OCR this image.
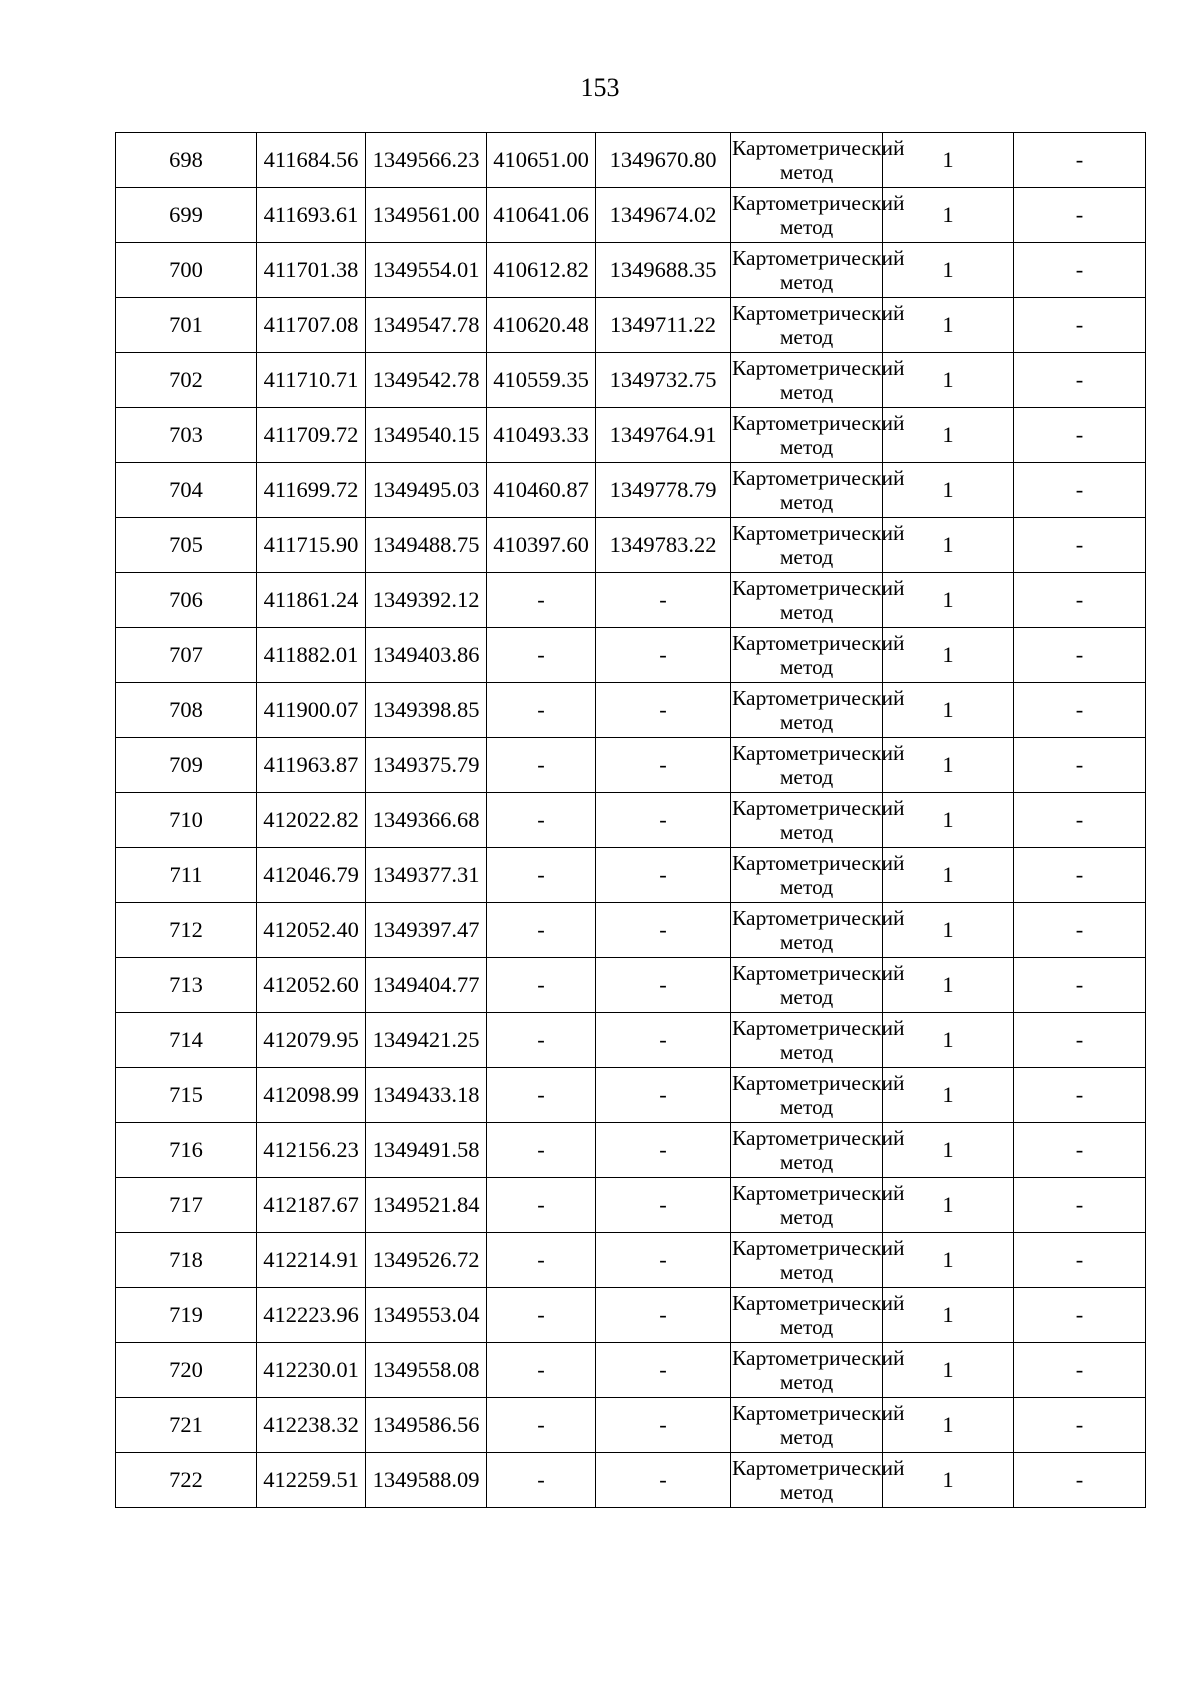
153
698	411684.56	1349566.23	410651.00	1349670.80	Картометрический метод	1	-
699	411693.61	1349561.00	410641.06	1349674.02	Картометрический метод	1	-
700	411701.38	1349554.01	410612.82	1349688.35	Картометрический метод	1	-
701	411707.08	1349547.78	410620.48	1349711.22	Картометрический метод	1	-
702	411710.71	1349542.78	410559.35	1349732.75	Картометрический метод	1	-
703	411709.72	1349540.15	410493.33	1349764.91	Картометрический метод	1	-
704	411699.72	1349495.03	410460.87	1349778.79	Картометрический метод	1	-
705	411715.90	1349488.75	410397.60	1349783.22	Картометрический метод	1	-
706	411861.24	1349392.12	-	-	Картометрический метод	1	-
707	411882.01	1349403.86	-	-	Картометрический метод	1	-
708	411900.07	1349398.85	-	-	Картометрический метод	1	-
709	411963.87	1349375.79	-	-	Картометрический метод	1	-
710	412022.82	1349366.68	-	-	Картометрический метод	1	-
711	412046.79	1349377.31	-	-	Картометрический метод	1	-
712	412052.40	1349397.47	-	-	Картометрический метод	1	-
713	412052.60	1349404.77	-	-	Картометрический метод	1	-
714	412079.95	1349421.25	-	-	Картометрический метод	1	-
715	412098.99	1349433.18	-	-	Картометрический метод	1	-
716	412156.23	1349491.58	-	-	Картометрический метод	1	-
717	412187.67	1349521.84	-	-	Картометрический метод	1	-
718	412214.91	1349526.72	-	-	Картометрический метод	1	-
719	412223.96	1349553.04	-	-	Картометрический метод	1	-
720	412230.01	1349558.08	-	-	Картометрический метод	1	-
721	412238.32	1349586.56	-	-	Картометрический метод	1	-
722	412259.51	1349588.09	-	-	Картометрический метод	1	-
